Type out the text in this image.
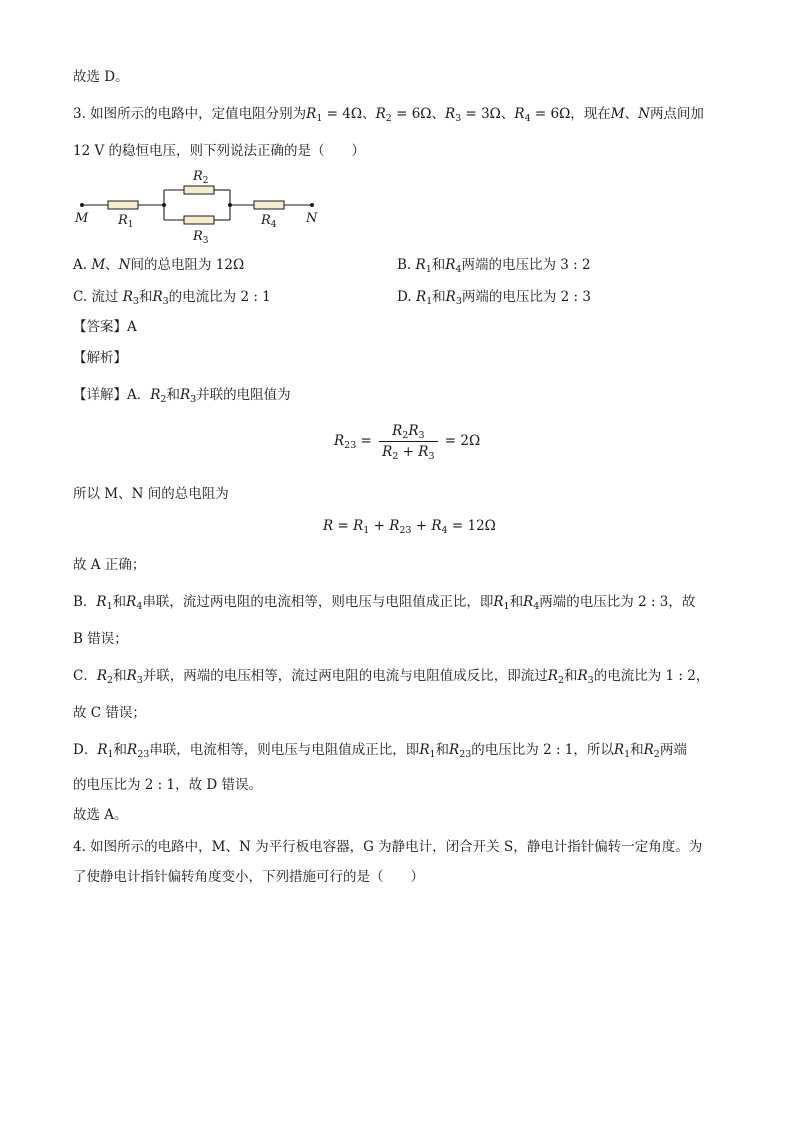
故选 D。
3. 如图所示的电路中，定值电阻分别为$R_1 = 4\Omega$、$R_2 = 6\Omega$、$R_3 = 3\Omega$、$R_4 = 6\Omega$，现在M、N两点间加
12 V 的稳恒电压，则下列说法正确的是（　　）
M	N
$R_1$
$R_2$
$R_3$
$R_4$
A. M、N间的总电阻为 12Ω	B. $R_1$和$R_4$两端的电压比为 3 : 2
C. 流过 $R_3$和$R_3$的电流比为 2 : 1	D. $R_1$和$R_3$两端的电压比为 2 : 3
【答案】A
【解析】
【详解】A．$R_2$和$R_3$并联的电阻值为
$R_{23} = \frac{R_2R_3}{R_2 + R_3} = 2\Omega$
所以 M、N 间的总电阻为
$R = R_1 + R_{23} + R_4 = 12\Omega$
故 A 正确；
B．$R_1$和$R_4$串联，流过两电阻的电流相等，则电压与电阻值成正比，即$R_1$和$R_4$两端的电压比为 2 : 3，故
B 错误；
C．$R_2$和$R_3$并联，两端的电压相等，流过两电阻的电流与电阻值成反比，即流过$R_2$和$R_3$的电流比为 1 : 2，
故 C 错误；
D．$R_1$和$R_{23}$串联，电流相等，则电压与电阻值成正比，即$R_1$和$R_{23}$的电压比为 2 : 1，所以$R_1$和$R_2$两端
的电压比为 2 : 1，故 D 错误。
故选 A。
4. 如图所示的电路中，M、N 为平行板电容器，G 为静电计，闭合开关 S，静电计指针偏转一定角度。为
了使静电计指针偏转角度变小，下列措施可行的是（　　）
